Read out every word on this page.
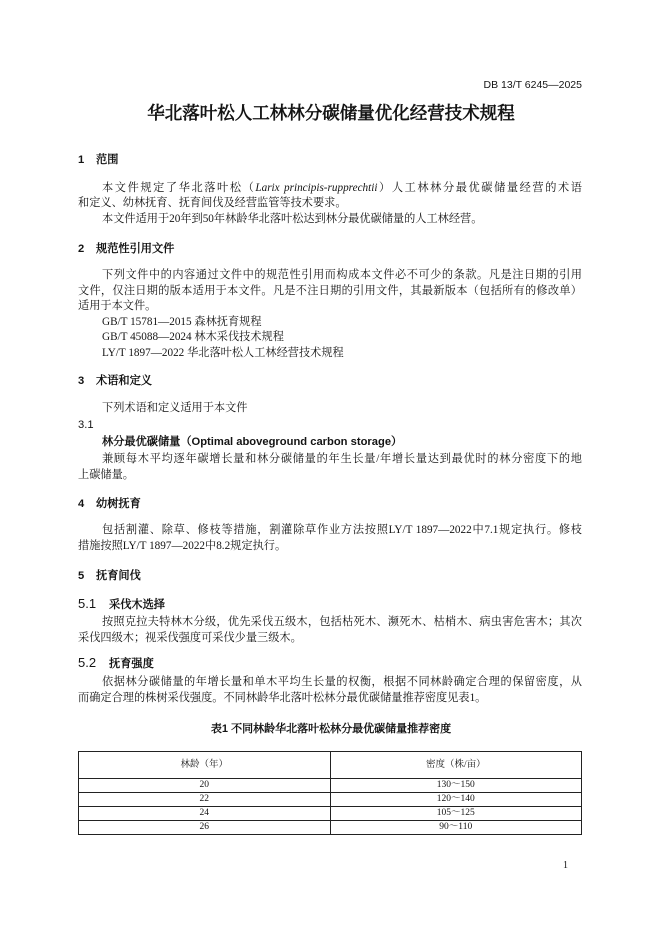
DB 13/T 6245—2025
华北落叶松人工林林分碳储量优化经营技术规程
1 范围
本文件规定了华北落叶松（Larix principis-rupprechtii）人工林林分最优碳储量经营的术语
和定义、幼林抚育、抚育间伐及经营监管等技术要求。
本文件适用于20年到50年林龄华北落叶松达到林分最优碳储量的人工林经营。
2 规范性引用文件
下列文件中的内容通过文件中的规范性引用而构成本文件必不可少的条款。凡是注日期的引用
文件，仅注日期的版本适用于本文件。凡是不注日期的引用文件，其最新版本（包括所有的修改单）
适用于本文件。
GB/T 15781—2015 森林抚育规程
GB/T 45088—2024 林木采伐技术规程
LY/T 1897—2022 华北落叶松人工林经营技术规程
3 术语和定义
下列术语和定义适用于本文件
3.1
林分最优碳储量（Optimal aboveground carbon storage）
兼顾每木平均逐年碳增长量和林分碳储量的年生长量/年增长量达到最优时的林分密度下的地
上碳储量。
4 幼树抚育
包括割灌、除草、修枝等措施，割灌除草作业方法按照LY/T 1897—2022中7.1规定执行。修枝
措施按照LY/T 1897—2022中8.2规定执行。
5 抚育间伐
5.1 采伐木选择
按照克拉夫特林木分级，优先采伐五级木，包括枯死木、濒死木、枯梢木、病虫害危害木；其次
采伐四级木；视采伐强度可采伐少量三级木。
5.2 抚育强度
依据林分碳储量的年增长量和单木平均生长量的权衡，根据不同林龄确定合理的保留密度，从
而确定合理的株树采伐强度。不同林龄华北落叶松林分最优碳储量推荐密度见表1。
表1 不同林龄华北落叶松林分最优碳储量推荐密度
林龄（年）	密度（株/亩）
20	130～150
22	120～140
24	105～125
26	90～110
1
